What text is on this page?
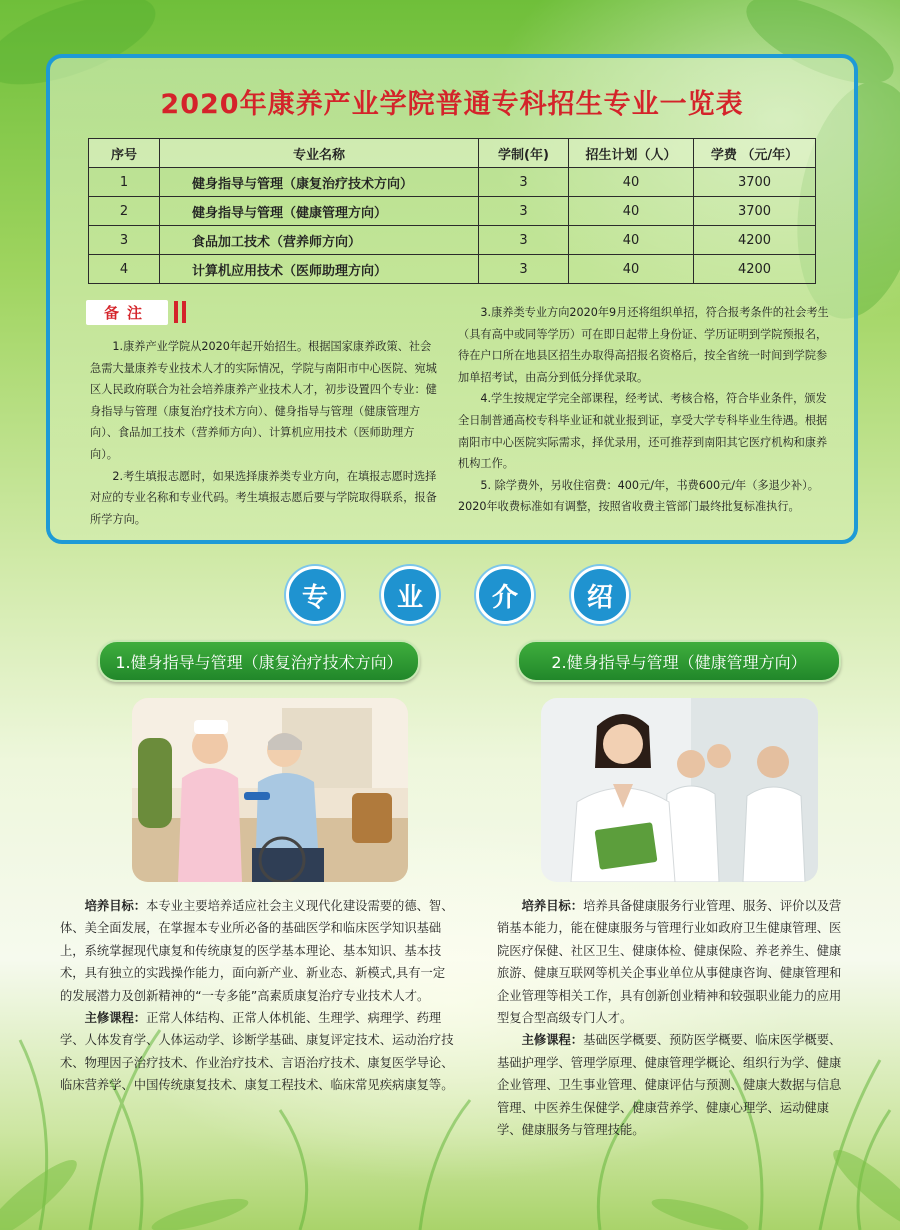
2020年康养产业学院普通专科招生专业一览表
序号	专业名称	学制(年)	招生计划（人）	学费 （元/年）
1	健身指导与管理（康复治疗技术方向）	3	40	3700
2	健身指导与管理（健康管理方向）	3	40	3700
3	食品加工技术（营养师方向）	3	40	4200
4	计算机应用技术（医师助理方向）	3	40	4200
备注

1.康养产业学院从2020年起开始招生。根据国家康养政策、社会急需大量康养专业技术人才的实际情况，学院与南阳市中心医院、宛城区人民政府联合为社会培养康养产业技术人才，初步设置四个专业：健身指导与管理（康复治疗技术方向）、健身指导与管理（健康管理方向）、食品加工技术（营养师方向）、计算机应用技术（医师助理方向）。

2.考生填报志愿时，如果选择康养类专业方向，在填报志愿时选择对应的专业名称和专业代码。考生填报志愿后要与学院取得联系，报备所学方向。

3.康养类专业方向2020年9月还将组织单招，符合报考条件的社会考生（具有高中或同等学历）可在即日起带上身份证、学历证明到学院预报名，待在户口所在地县区招生办取得高招报名资格后，按全省统一时间到学院参加单招考试，由高分到低分择优录取。

4.学生按规定学完全部课程，经考试、考核合格，符合毕业条件，颁发全日制普通高校专科毕业证和就业报到证，享受大学专科毕业生待遇。根据南阳市中心医院实际需求，择优录用，还可推荐到南阳其它医疗机构和康养机构工作。

5. 除学费外，另收住宿费：400元/年，书费600元/年（多退少补）。2020年收费标准如有调整，按照省收费主管部门最终批复标准执行。

专	业	介	绍
1.健身指导与管理（康复治疗技术方向）	2.健身指导与管理（健康管理方向）

培养目标：本专业主要培养适应社会主义现代化建设需要的德、智、体、美全面发展，在掌握本专业所必备的基础医学和临床医学知识基础上，系统掌握现代康复和传统康复的医学基本理论、基本知识、基本技术，具有独立的实践操作能力，面向新产业、新业态、新模式,具有一定的发展潜力及创新精神的“一专多能”高素质康复治疗专业技术人才。

主修课程：正常人体结构、正常人体机能、生理学、病理学、药理学、人体发育学、人体运动学、诊断学基础、康复评定技术、运动治疗技术、物理因子治疗技术、作业治疗技术、言语治疗技术、康复医学导论、临床营养学、中国传统康复技术、康复工程技术、临床常见疾病康复等。

培养目标：培养具备健康服务行业管理、服务、评价以及营销基本能力，能在健康服务与管理行业如政府卫生健康管理、医院医疗保健、社区卫生、健康体检、健康保险、养老养生、健康旅游、健康互联网等机关企事业单位从事健康咨询、健康管理和企业管理等相关工作，具有创新创业精神和较强职业能力的应用型复合型高级专门人才。

主修课程：基础医学概要、预防医学概要、临床医学概要、基础护理学、管理学原理、健康管理学概论、组织行为学、健康企业管理、卫生事业管理、健康评估与预测、健康大数据与信息管理、中医养生保健学、健康营养学、健康心理学、运动健康学、健康服务与管理技能。
